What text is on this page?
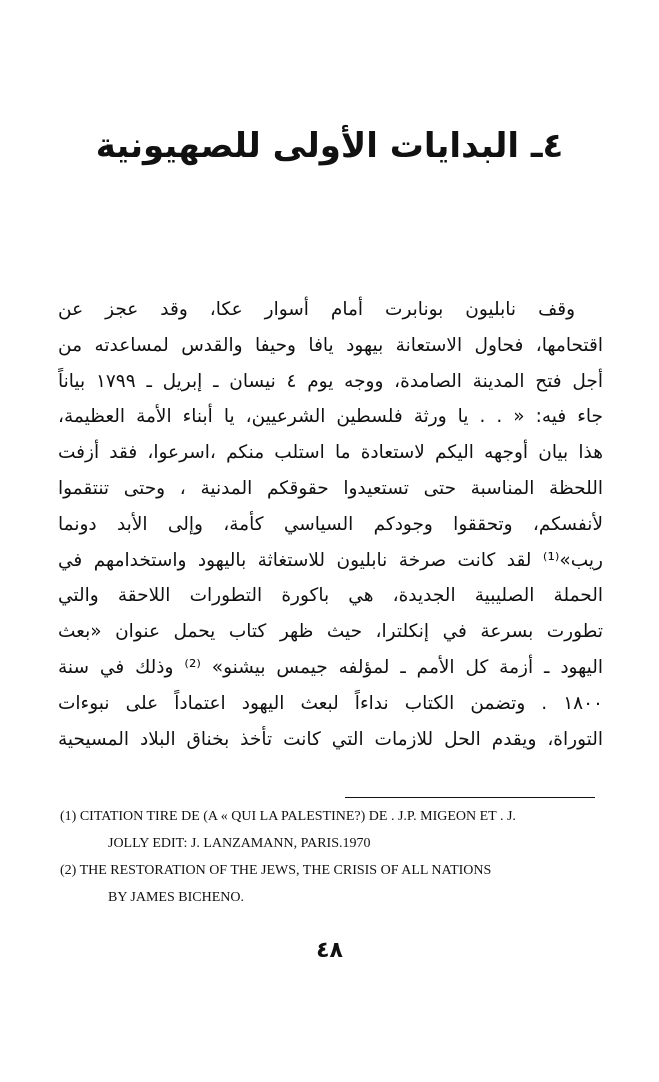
٤ـ البدايات الأولى للصهيونية
وقف نابليون بونابرت أمام أسوار عكا، وقد عجز عن
اقتحامها، فحاول الاستعانة بيهود يافا وحيفا والقدس لمساعدته من
أجل فتح المدينة الصامدة، ووجه يوم ٤ نيسان ـ إبريل ـ ١٧٩٩ بياناً
جاء فيه: « . . يا ورثة فلسطين الشرعيين، يا أبناء الأمة العظيمة،
هذا بيان أوجهه اليكم لاستعادة ما استلب منكم ،اسرعوا، فقد أزفت
اللحظة المناسبة حتى تستعيدوا حقوقكم المدنية ، وحتى تنتقموا
لأنفسكم، وتحققوا وجودكم السياسي كأمة، وإلى الأبد دونما
ريب»⁽¹⁾ لقد كانت صرخة نابليون للاستغاثة باليهود واستخدامهم في
الحملة الصليبية الجديدة، هي باكورة التطورات اللاحقة والتي
تطورت بسرعة في إنكلترا، حيث ظهر كتاب يحمل عنوان «بعث
اليهود ـ أزمة كل الأمم ـ لمؤلفه جيمس بيشنو» ⁽²⁾ وذلك في سنة
١٨٠٠ . وتضمن الكتاب نداءاً لبعث اليهود اعتماداً على نبوءات
التوراة، ويقدم الحل للازمات التي كانت تأخذ بخناق البلاد المسيحية
(1) CITATION TIRE DE (A « QUI LA PALESTINE?) DE . J.P. MIGEON ET . J.
JOLLY EDIT: J. LANZAMANN, PARIS.1970
(2) THE RESTORATION OF THE JEWS, THE CRISIS OF ALL NATIONS
BY JAMES BICHENO.
٤٨
